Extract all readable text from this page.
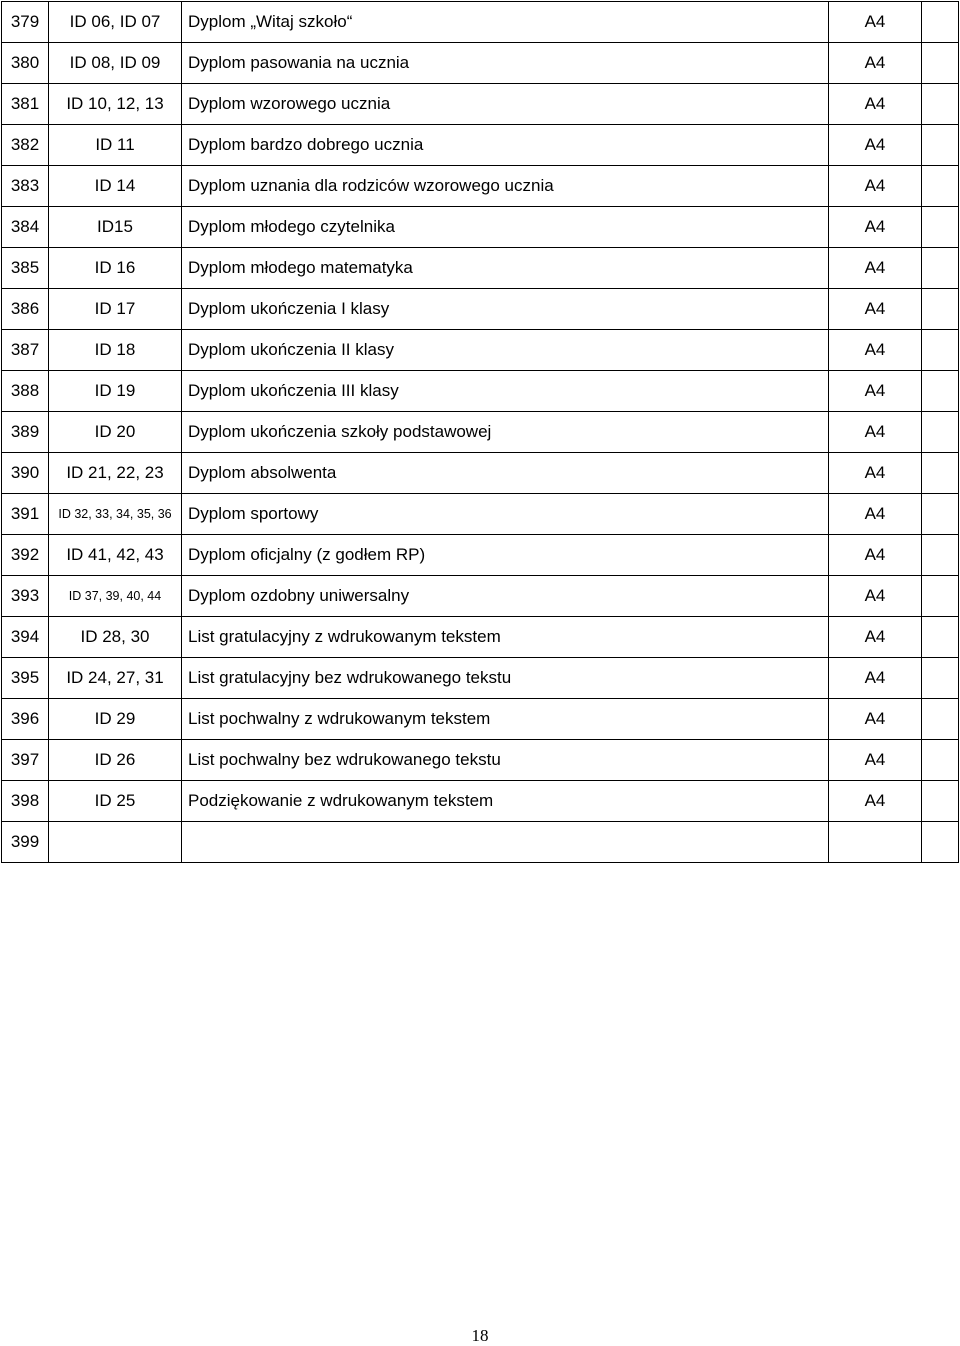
379	ID 06, ID 07	Dyplom „Witaj szkoło“	A4	
380	ID 08, ID 09	Dyplom pasowania na ucznia	A4	
381	ID 10, 12, 13	Dyplom wzorowego ucznia	A4	
382	ID 11	Dyplom bardzo dobrego ucznia	A4	
383	ID 14	Dyplom uznania dla rodziców wzorowego ucznia	A4	
384	ID15	Dyplom młodego czytelnika	A4	
385	ID 16	Dyplom młodego matematyka	A4	
386	ID 17	Dyplom ukończenia I klasy	A4	
387	ID 18	Dyplom ukończenia II klasy	A4	
388	ID 19	Dyplom ukończenia III klasy	A4	
389	ID 20	Dyplom ukończenia szkoły podstawowej	A4	
390	ID 21, 22, 23	Dyplom absolwenta	A4	
391	ID 32, 33, 34, 35, 36	Dyplom sportowy	A4	
392	ID 41, 42, 43	Dyplom oficjalny (z godłem RP)	A4	
393	ID 37, 39, 40, 44	Dyplom ozdobny uniwersalny	A4	
394	ID 28, 30	List gratulacyjny z wdrukowanym tekstem	A4	
395	ID 24, 27, 31	List gratulacyjny bez wdrukowanego tekstu	A4	
396	ID 29	List pochwalny z wdrukowanym tekstem	A4	
397	ID 26	List pochwalny bez wdrukowanego tekstu	A4	
398	ID 25	Podziękowanie z wdrukowanym tekstem	A4	
399				
18
